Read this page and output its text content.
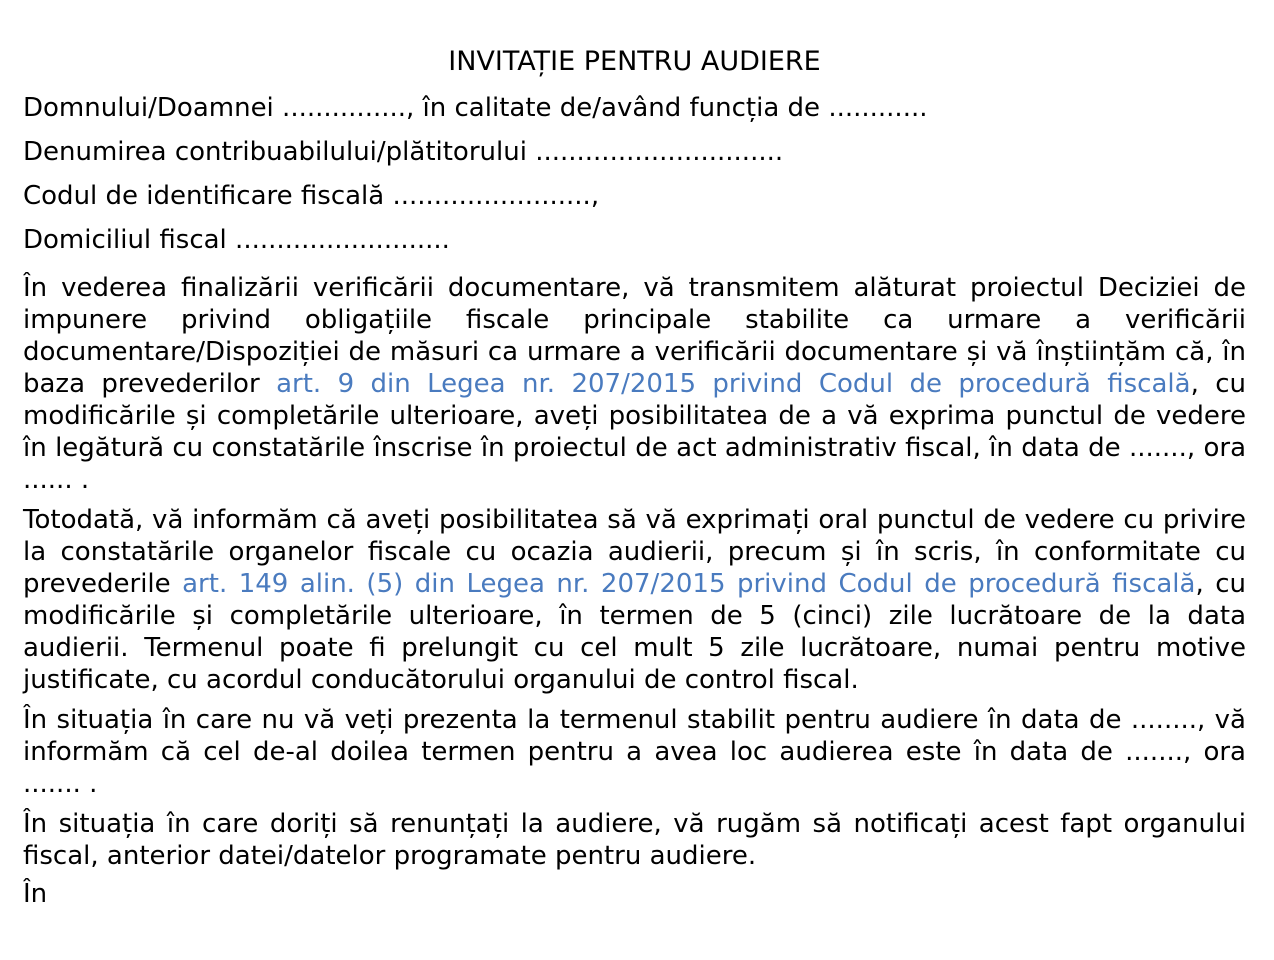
INVITAȚIE PENTRU AUDIERE

Domnului/Doamnei ..............., în calitate de/având funcția de ............

Denumirea contribuabilului/plătitorului ..............................

Codul de identificare fiscală ........................,

Domiciliul fiscal ..........................

În vederea finalizării verificării documentare, vă transmitem alăturat proiectul Deciziei de impunere privind obligațiile fiscale principale stabilite ca urmare a verificării documentare/Dispoziției de măsuri ca urmare a verificării documentare și vă înștiințăm că, în baza prevederilor art. 9 din Legea nr. 207/2015 privind Codul de procedură fiscală, cu modificările și completările ulterioare, aveți posibilitatea de a vă exprima punctul de vedere în legătură cu constatările înscrise în proiectul de act administrativ fiscal, în data de ......., ora ...... .

Totodată, vă informăm că aveți posibilitatea să vă exprimați oral punctul de vedere cu privire la constatările organelor fiscale cu ocazia audierii, precum și în scris, în conformitate cu prevederile art. 149 alin. (5) din Legea nr. 207/2015 privind Codul de procedură fiscală, cu modificările și completările ulterioare, în termen de 5 (cinci) zile lucrătoare de la data audierii. Termenul poate fi prelungit cu cel mult 5 zile lucrătoare, numai pentru motive justificate, cu acordul conducătorului organului de control fiscal.

În situația în care nu vă veți prezenta la termenul stabilit pentru audiere în data de ........, vă informăm că cel de-al doilea termen pentru a avea loc audierea este în data de ......., ora ....... .

În situația în care doriți să renunțați la audiere, vă rugăm să notificați acest fapt organului fiscal, anterior datei/datelor programate pentru audiere.

În
